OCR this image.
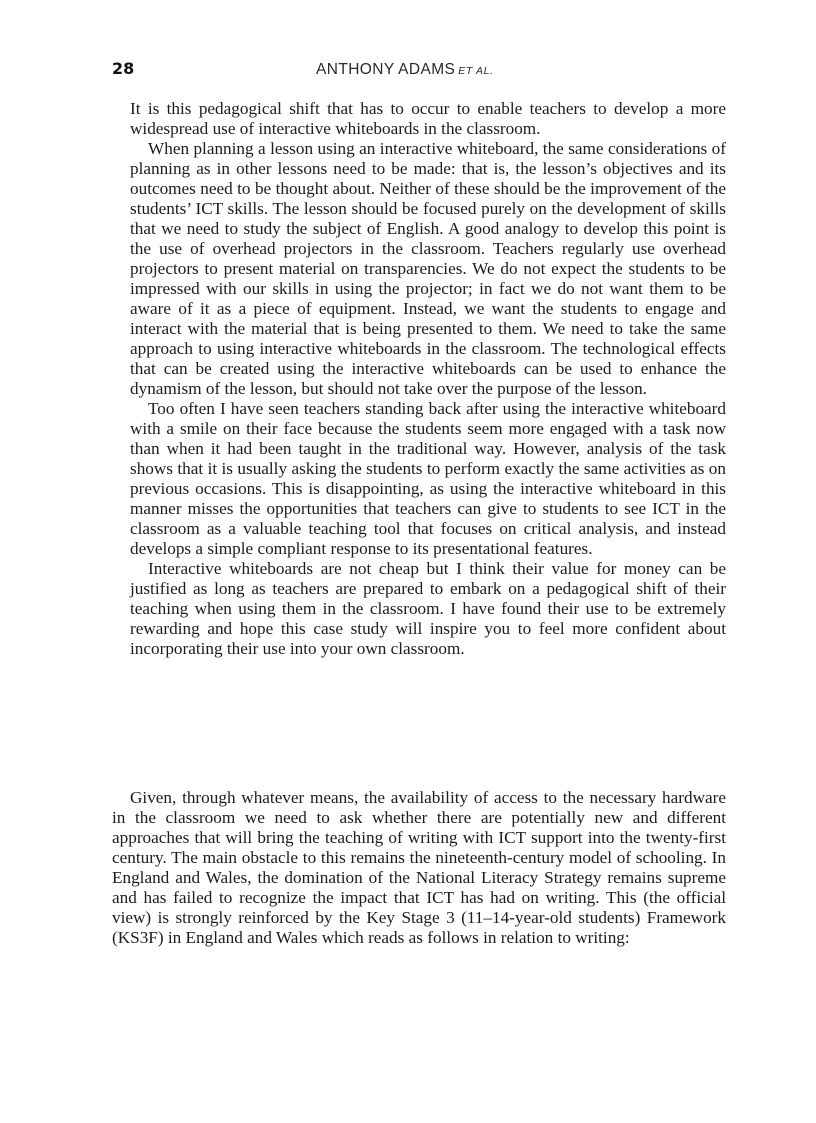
28	ANTHONY ADAMS ET AL.

It is this pedagogical shift that has to occur to enable teachers to develop a more widespread use of interactive whiteboards in the classroom.

When planning a lesson using an interactive whiteboard, the same considerations of planning as in other lessons need to be made: that is, the lesson’s objectives and its outcomes need to be thought about. Neither of these should be the improvement of the students’ ICT skills. The lesson should be focused purely on the development of skills that we need to study the subject of English. A good analogy to develop this point is the use of overhead projectors in the classroom. Teachers regularly use overhead projectors to present material on transparencies. We do not expect the students to be impressed with our skills in using the projector; in fact we do not want them to be aware of it as a piece of equipment. Instead, we want the students to engage and interact with the material that is being presented to them. We need to take the same approach to using interactive whiteboards in the classroom. The technological effects that can be created using the interactive whiteboards can be used to enhance the dynamism of the lesson, but should not take over the purpose of the lesson.

Too often I have seen teachers standing back after using the interactive whiteboard with a smile on their face because the students seem more engaged with a task now than when it had been taught in the traditional way. However, analysis of the task shows that it is usually asking the students to perform exactly the same activities as on previous occasions. This is disappointing, as using the interactive whiteboard in this manner misses the opportunities that teachers can give to students to see ICT in the classroom as a valuable teaching tool that focuses on critical analysis, and instead develops a simple compliant response to its presentational features.

Interactive whiteboards are not cheap but I think their value for money can be justified as long as teachers are prepared to embark on a pedagogical shift of their teaching when using them in the classroom. I have found their use to be extremely rewarding and hope this case study will inspire you to feel more confident about incorporating their use into your own classroom.

Given, through whatever means, the availability of access to the necessary hardware in the classroom we need to ask whether there are potentially new and different approaches that will bring the teaching of writing with ICT support into the twenty-first century. The main obstacle to this remains the nineteenth-century model of schooling. In England and Wales, the domination of the National Literacy Strategy remains supreme and has failed to recognize the impact that ICT has had on writing. This (the official view) is strongly reinforced by the Key Stage 3 (11–14-year-old students) Framework (KS3F) in England and Wales which reads as follows in relation to writing:
